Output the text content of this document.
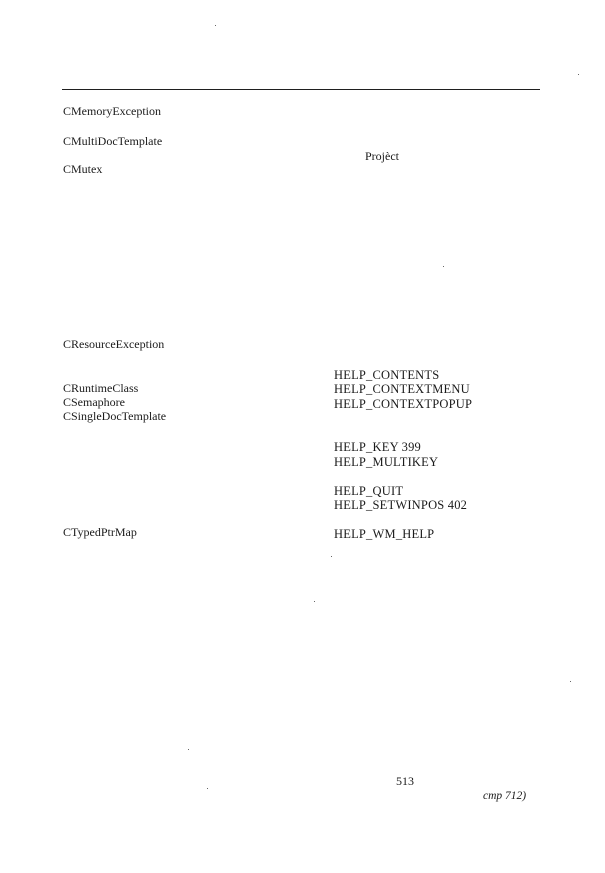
CMemoryException
CMultiDocTemplate
CMutex
CResourceException
CRuntimeClass
CSemaphore
CSingleDocTemplate
CTypedPtrMap
Projèct
HELP_CONTENTS
HELP_CONTEXTMENU
HELP_CONTEXTPOPUP
HELP_KEY 399
HELP_MULTIKEY
HELP_QUIT
HELP_SETWINPOS 402
HELP_WM_HELP
513
cmp 712)
